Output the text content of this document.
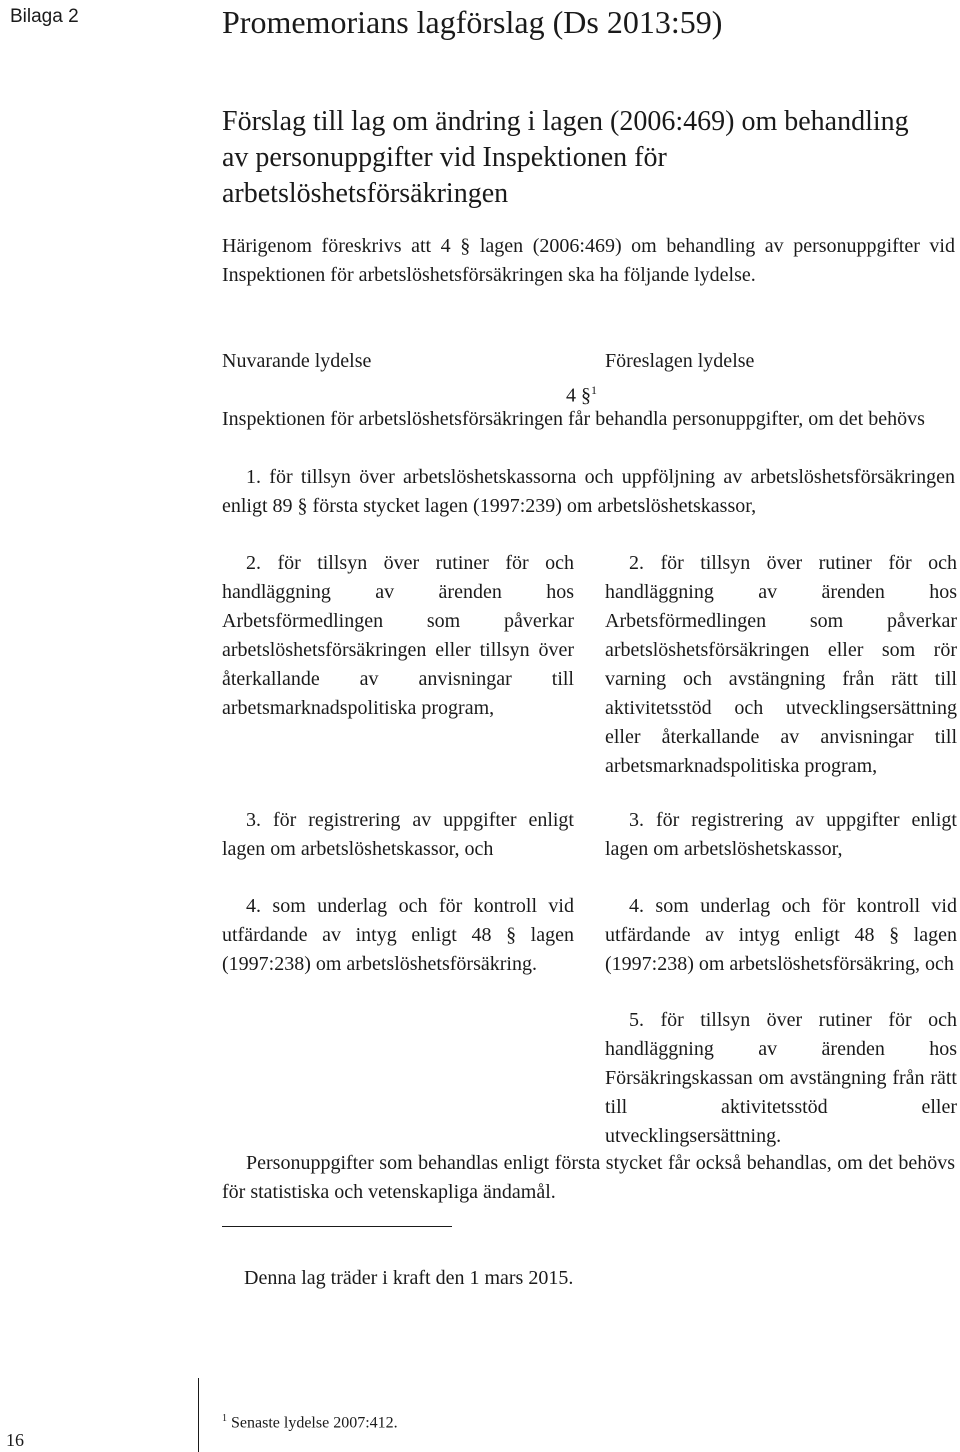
Bilaga 2	Promemorians lagförslag (Ds 2013:59)
Förslag till lag om ändring i lagen (2006:469) om behandling av personuppgifter vid Inspektionen för arbetslöshetsförsäkringen
Härigenom föreskrivs att 4 § lagen (2006:469) om behandling av personuppgifter vid Inspektionen för arbetslöshetsförsäkringen ska ha följande lydelse.
Nuvarande lydelse	Föreslagen lydelse
4 §$^1$
Inspektionen för arbetslöshetsförsäkringen får behandla personuppgifter, om det behövs
1. för tillsyn över arbetslöshetskassorna och uppföljning av arbetslöshetsförsäkringen enligt 89 § första stycket lagen (1997:239) om arbetslöshetskassor,
2. för tillsyn över rutiner för och handläggning av ärenden hos Arbetsförmedlingen som påverkar arbetslöshetsförsäkringen eller tillsyn över återkallande av anvisningar till arbetsmarknadspolitiska program,
2. för tillsyn över rutiner för och handläggning av ärenden hos Arbetsförmedlingen som påverkar arbetslöshetsförsäkringen eller som rör varning och avstängning från rätt till aktivitetsstöd och utvecklingsersättning eller återkallande av anvisningar till arbetsmarknadspolitiska program,
3. för registrering av uppgifter enligt lagen om arbetslöshetskassor, och
3. för registrering av uppgifter enligt lagen om arbetslöshetskassor,
4. som underlag och för kontroll vid utfärdande av intyg enligt 48 § lagen (1997:238) om arbetslöshetsförsäkring.
4. som underlag och för kontroll vid utfärdande av intyg enligt 48 § lagen (1997:238) om arbetslöshetsförsäkring, och
5. för tillsyn över rutiner för och handläggning av ärenden hos Försäkringskassan om avstängning från rätt till aktivitetsstöd eller utvecklingsersättning.
Personuppgifter som behandlas enligt första stycket får också behandlas, om det behövs för statistiska och vetenskapliga ändamål.
Denna lag träder i kraft den 1 mars 2015.
$^1$ Senaste lydelse 2007:412.
16
